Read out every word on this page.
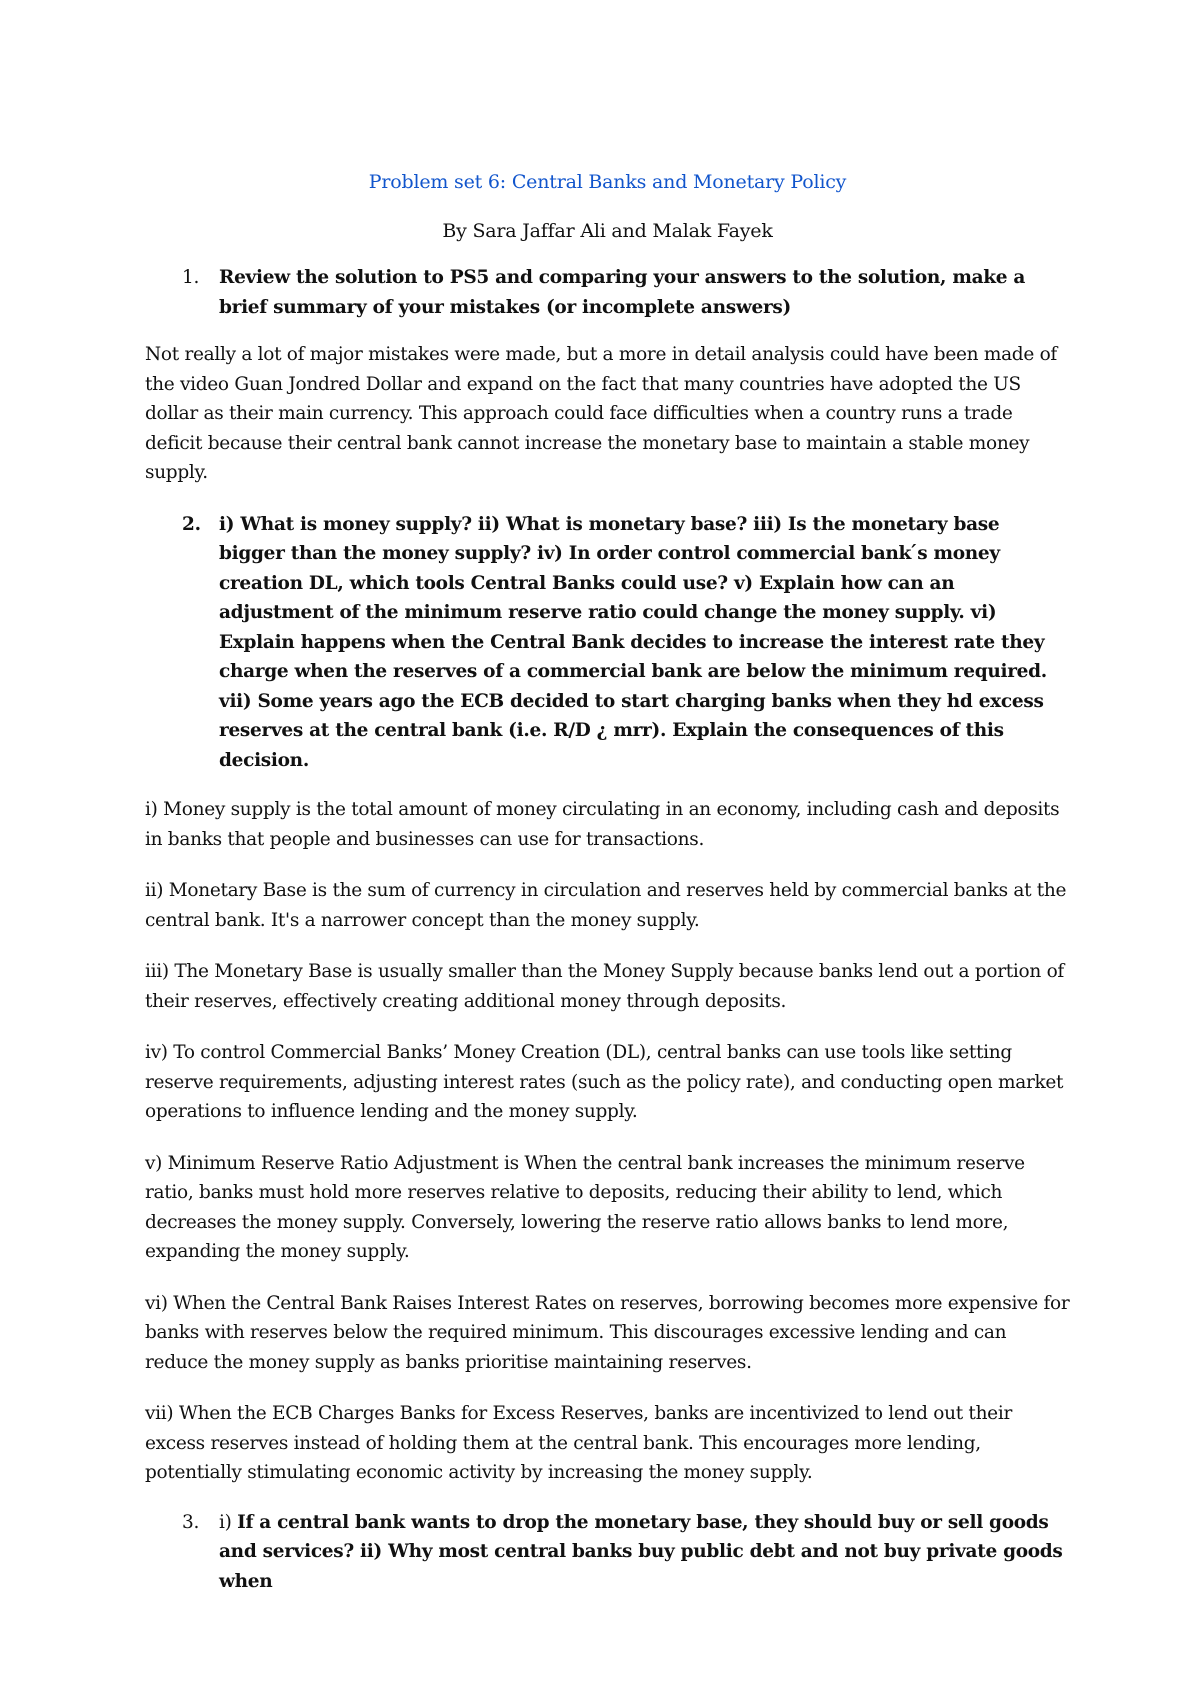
Problem set 6: Central Banks and Monetary Policy

By Sara Jaffar Ali and Malak Fayek

1. Review the solution to PS5 and comparing your answers to the solution, make a brief summary of your mistakes (or incomplete answers)

Not really a lot of major mistakes were made, but a more in detail analysis could have been made of the video Guan Jondred Dollar and expand on the fact that many countries have adopted the US dollar as their main currency. This approach could face difficulties when a country runs a trade deficit because their central bank cannot increase the monetary base to maintain a stable money supply.

2. i) What is money supply? ii) What is monetary base? iii) Is the monetary base bigger than the money supply? iv) In order control commercial bank ́s money creation DL, which tools Central Banks could use? v) Explain how can an adjustment of the minimum reserve ratio could change the money supply. vi) Explain happens when the Central Bank decides to increase the interest rate they charge when the reserves of a commercial bank are below the minimum required. vii) Some years ago the ECB decided to start charging banks when they hd excess reserves at the central bank (i.e. R/D ¿ mrr). Explain the consequences of this decision.

i) Money supply is the total amount of money circulating in an economy, including cash and deposits in banks that people and businesses can use for transactions.

ii) Monetary Base is the sum of currency in circulation and reserves held by commercial banks at the central bank. It's a narrower concept than the money supply.

iii) The Monetary Base is usually smaller than the Money Supply because banks lend out a portion of their reserves, effectively creating additional money through deposits.

iv) To control Commercial Banks’ Money Creation (DL), central banks can use tools like setting reserve requirements, adjusting interest rates (such as the policy rate), and conducting open market operations to influence lending and the money supply.

v) Minimum Reserve Ratio Adjustment is When the central bank increases the minimum reserve ratio, banks must hold more reserves relative to deposits, reducing their ability to lend, which decreases the money supply. Conversely, lowering the reserve ratio allows banks to lend more, expanding the money supply.

vi) When the Central Bank Raises Interest Rates on reserves, borrowing becomes more expensive for banks with reserves below the required minimum. This discourages excessive lending and can reduce the money supply as banks prioritise maintaining reserves.

vii) When the ECB Charges Banks for Excess Reserves, banks are incentivized to lend out their excess reserves instead of holding them at the central bank. This encourages more lending, potentially stimulating economic activity by increasing the money supply.

3. i) If a central bank wants to drop the monetary base, they should buy or sell goods and services? ii) Why most central banks buy public debt and not buy private goods when
